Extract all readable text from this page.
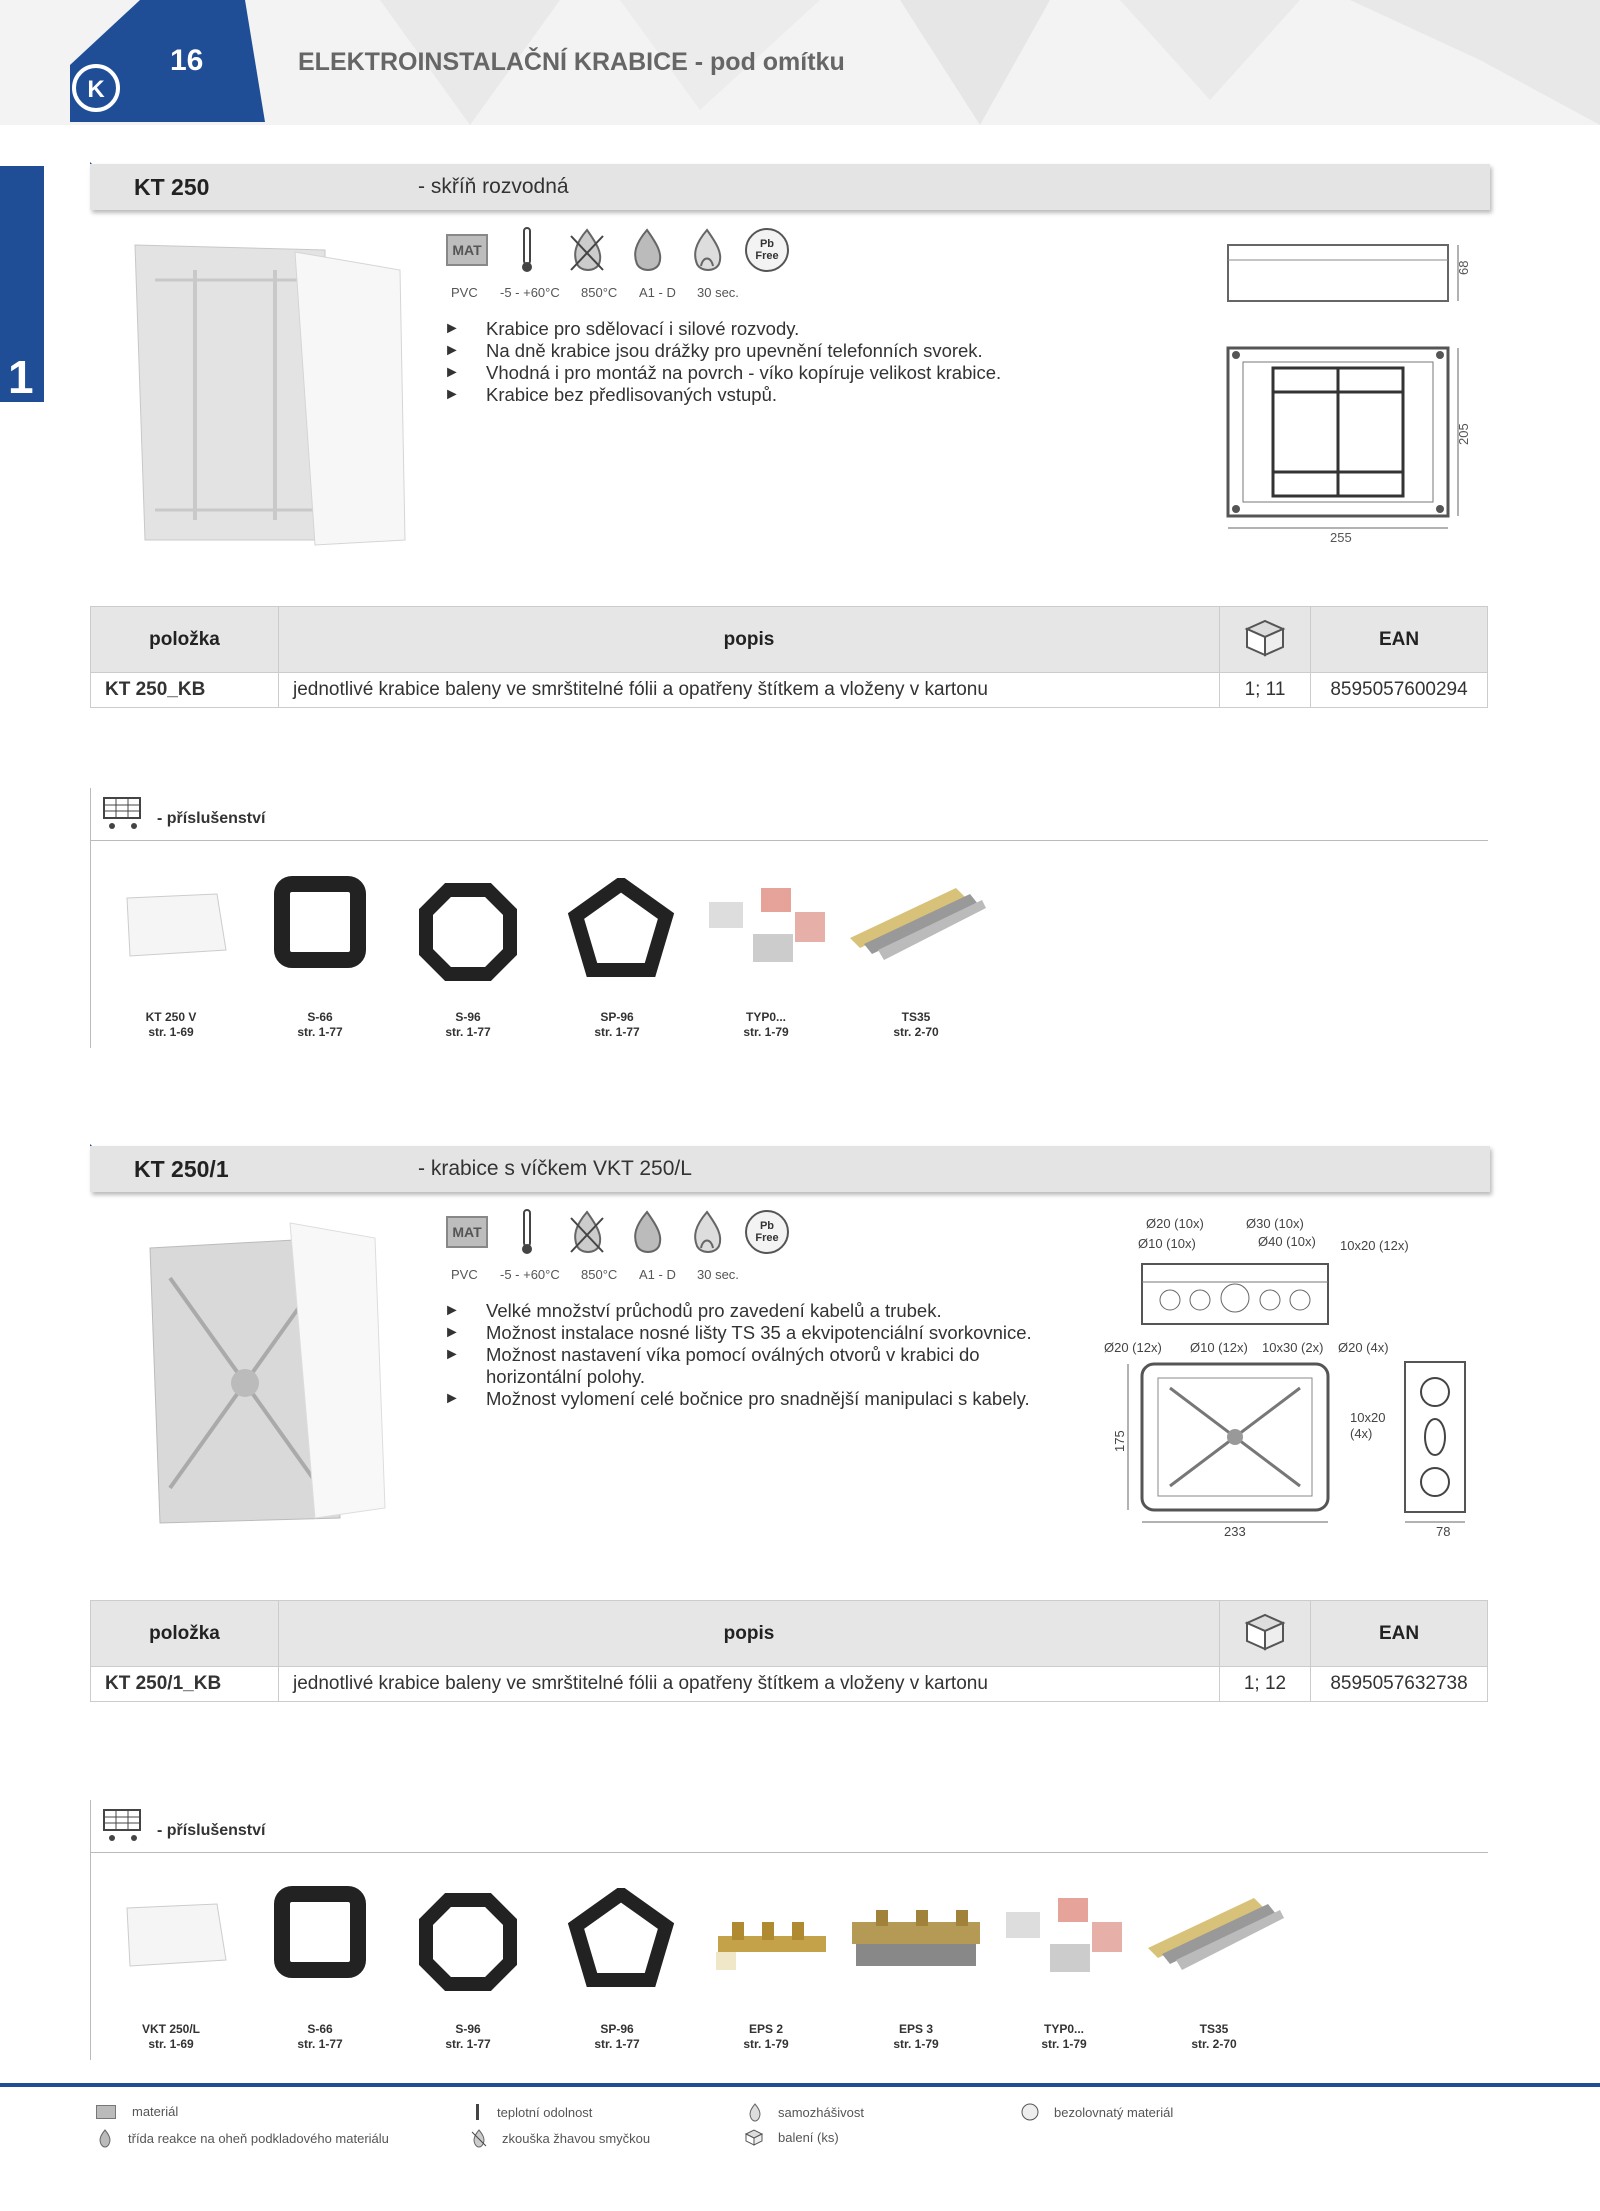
K
16	ELEKTROINSTALAČNÍ KRABICE - pod omítku
1
KT 250	- skříň rozvodná
MAT	Pb
Free
PVC -5 - +60°C 850°C A1 - D 30 sec.
► Krabice pro sdělovací i silové rozvody.
► Na dně krabice jsou drážky pro upevnění telefonních svorek.
► Vhodná i pro montáž na povrch - víko kopíruje velikost krabice.
► Krabice bez předlisovaných vstupů.
68
205
255
položka	popis		EAN
KT 250_KB	jednotlivé krabice baleny ve smrštitelné fólii a opatřeny štítkem a vloženy v kartonu	1; 11	8595057600294
- příslušenství
KT 250 V
str. 1-69
S-66
str. 1-77
S-96
str. 1-77
SP-96
str. 1-77
TYP0...
str. 1-79
TS35
str. 2-70
KT 250/1	- krabice s víčkem VKT 250/L
MAT	Pb
Free
PVC -5 - +60°C 850°C A1 - D 30 sec.
► Velké množství průchodů pro zavedení kabelů a trubek.
► Možnost instalace nosné lišty TS 35 a ekvipotenciální svorkovnice.
► Možnost nastavení víka pomocí oválných otvorů v krabici do horizontální polohy.
► Možnost vylomení celé bočnice pro snadnější manipulaci s kabely.
Ø20 (10x)	Ø30 (10x)
Ø10 (10x)	Ø40 (10x) 10x20 (12x)
Ø20 (12x) Ø10 (12x) 10x30 (2x) Ø20 (4x)
175
233
10x20
(4x)
78
položka	popis		EAN
KT 250/1_KB	jednotlivé krabice baleny ve smrštitelné fólii a opatřeny štítkem a vloženy v kartonu	1; 12	8595057632738
- příslušenství
VKT 250/L
str. 1-69
S-66
str. 1-77
S-96
str. 1-77
SP-96
str. 1-77
EPS 2
str. 1-79
EPS 3
str. 1-79
TYP0...
str. 1-79
TS35
str. 2-70
materiál	teplotní odolnost	samozhášivost	bezolovnatý materiál
třída reakce na oheň podkladového materiálu	zkouška žhavou smyčkou	balení (ks)
